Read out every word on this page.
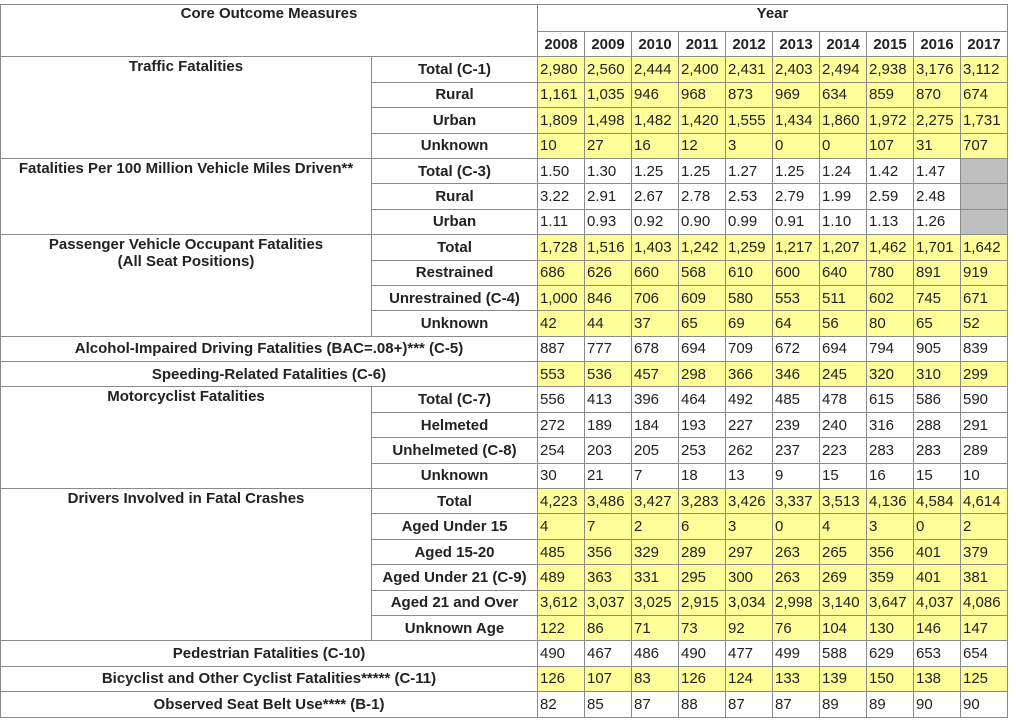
Core Outcome Measures		Year									
		2008	2009	2010	2011	2012	2013	2014	2015	2016	2017

Traffic Fatalities	Total (C-1)	2,980	2,560	2,444	2,400	2,431	2,403	2,494	2,938	3,176	3,112
	Rural	1,161	1,035	946	968	873	969	634	859	870	674
	Urban	1,809	1,498	1,482	1,420	1,555	1,434	1,860	1,972	2,275	1,731
	Unknown	10	27	16	12	3	0	0	107	31	707

Fatalities Per 100 Million Vehicle Miles Driven**	Total (C-3)	1.50	1.30	1.25	1.25	1.27	1.25	1.24	1.42	1.47	
	Rural	3.22	2.91	2.67	2.78	2.53	2.79	1.99	2.59	2.48	
	Urban	1.11	0.93	0.92	0.90	0.99	0.91	1.10	1.13	1.26	

Passenger Vehicle Occupant Fatalities
(All Seat Positions)	Total	1,728	1,516	1,403	1,242	1,259	1,217	1,207	1,462	1,701	1,642
	Restrained	686	626	660	568	610	600	640	780	891	919
	Unrestrained (C-4)	1,000	846	706	609	580	553	511	602	745	671
	Unknown	42	44	37	65	69	64	56	80	65	52
Alcohol-Impaired Driving Fatalities (BAC=.08+)*** (C-5)		887	777	678	694	709	672	694	794	905	839
Speeding-Related Fatalities (C-6)		553	536	457	298	366	346	245	320	310	299

Motorcyclist Fatalities	Total (C-7)	556	413	396	464	492	485	478	615	586	590
	Helmeted	272	189	184	193	227	239	240	316	288	291
	Unhelmeted (C-8)	254	203	205	253	262	237	223	283	283	289
	Unknown	30	21	7	18	13	9	15	16	15	10

Drivers Involved in Fatal Crashes	Total	4,223	3,486	3,427	3,283	3,426	3,337	3,513	4,136	4,584	4,614
	Aged Under 15	4	7	2	6	3	0	4	3	0	2
	Aged 15-20	485	356	329	289	297	263	265	356	401	379
	Aged Under 21 (C-9)	489	363	331	295	300	263	269	359	401	381
	Aged 21 and Over	3,612	3,037	3,025	2,915	3,034	2,998	3,140	3,647	4,037	4,086
	Unknown Age	122	86	71	73	92	76	104	130	146	147
Pedestrian Fatalities (C-10)		490	467	486	490	477	499	588	629	653	654
Bicyclist and Other Cyclist Fatalities***** (C-11)		126	107	83	126	124	133	139	150	138	125
Observed Seat Belt Use**** (B-1)		82	85	87	88	87	87	89	89	90	90
